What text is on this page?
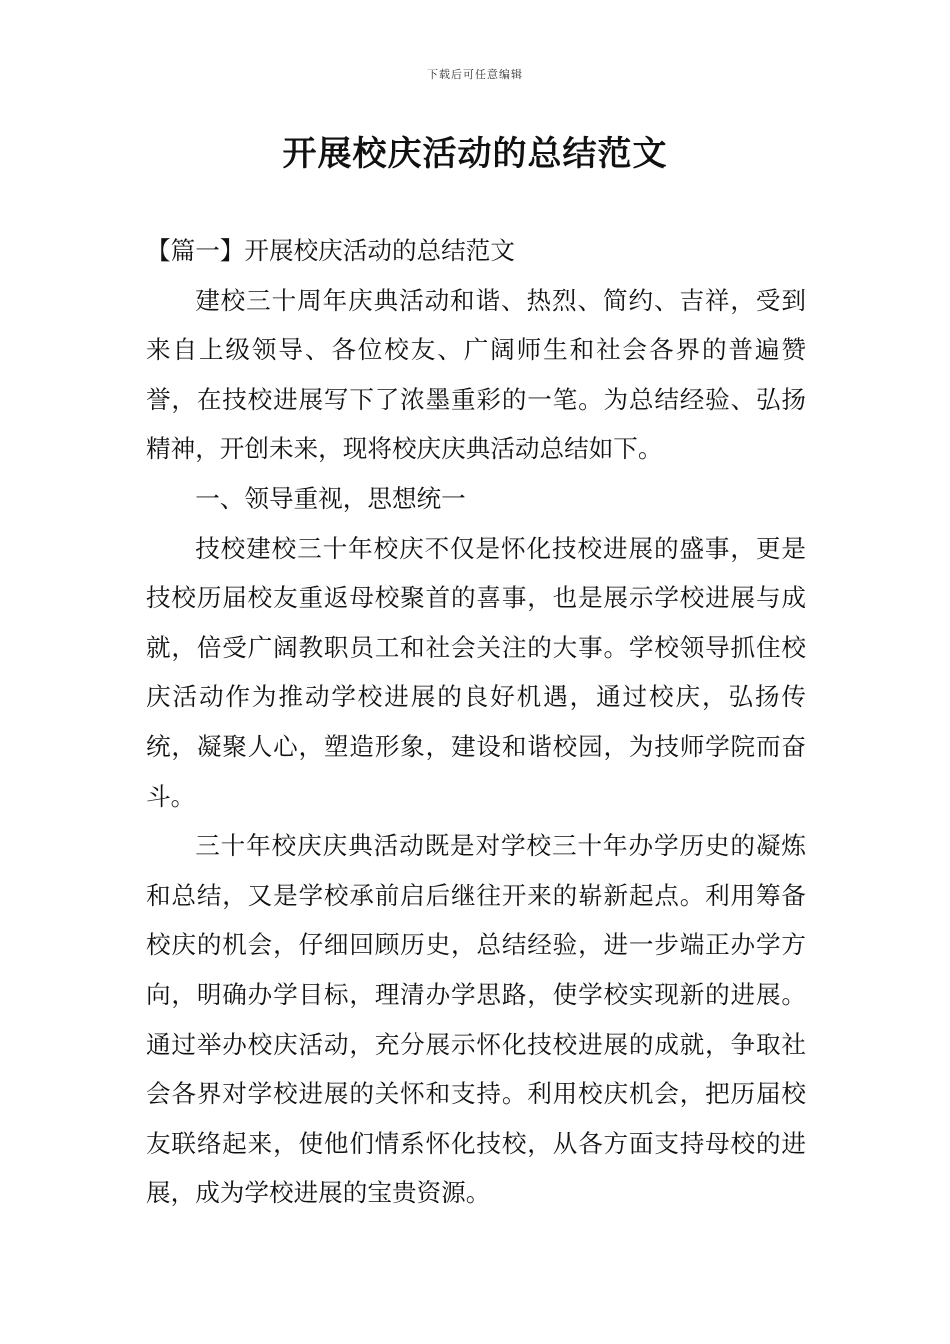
下载后可任意编辑
开展校庆活动的总结范文

【篇一】开展校庆活动的总结范文

建校三十周年庆典活动和谐、热烈、简约、吉祥，受到来自上级领导、各位校友、广阔师生和社会各界的普遍赞誉，在技校进展写下了浓墨重彩的一笔。为总结经验、弘扬精神，开创未来，现将校庆庆典活动总结如下。

一、领导重视，思想统一

技校建校三十年校庆不仅是怀化技校进展的盛事，更是技校历届校友重返母校聚首的喜事，也是展示学校进展与成就，倍受广阔教职员工和社会关注的大事。学校领导抓住校庆活动作为推动学校进展的良好机遇，通过校庆，弘扬传统，凝聚人心，塑造形象，建设和谐校园，为技师学院而奋斗。

三十年校庆庆典活动既是对学校三十年办学历史的凝炼和总结，又是学校承前启后继往开来的崭新起点。利用筹备校庆的机会，仔细回顾历史，总结经验，进一步端正办学方向，明确办学目标，理清办学思路，使学校实现新的进展。通过举办校庆活动，充分展示怀化技校进展的成就，争取社会各界对学校进展的关怀和支持。利用校庆机会，把历届校友联络起来，使他们情系怀化技校，从各方面支持母校的进展，成为学校进展的宝贵资源。
